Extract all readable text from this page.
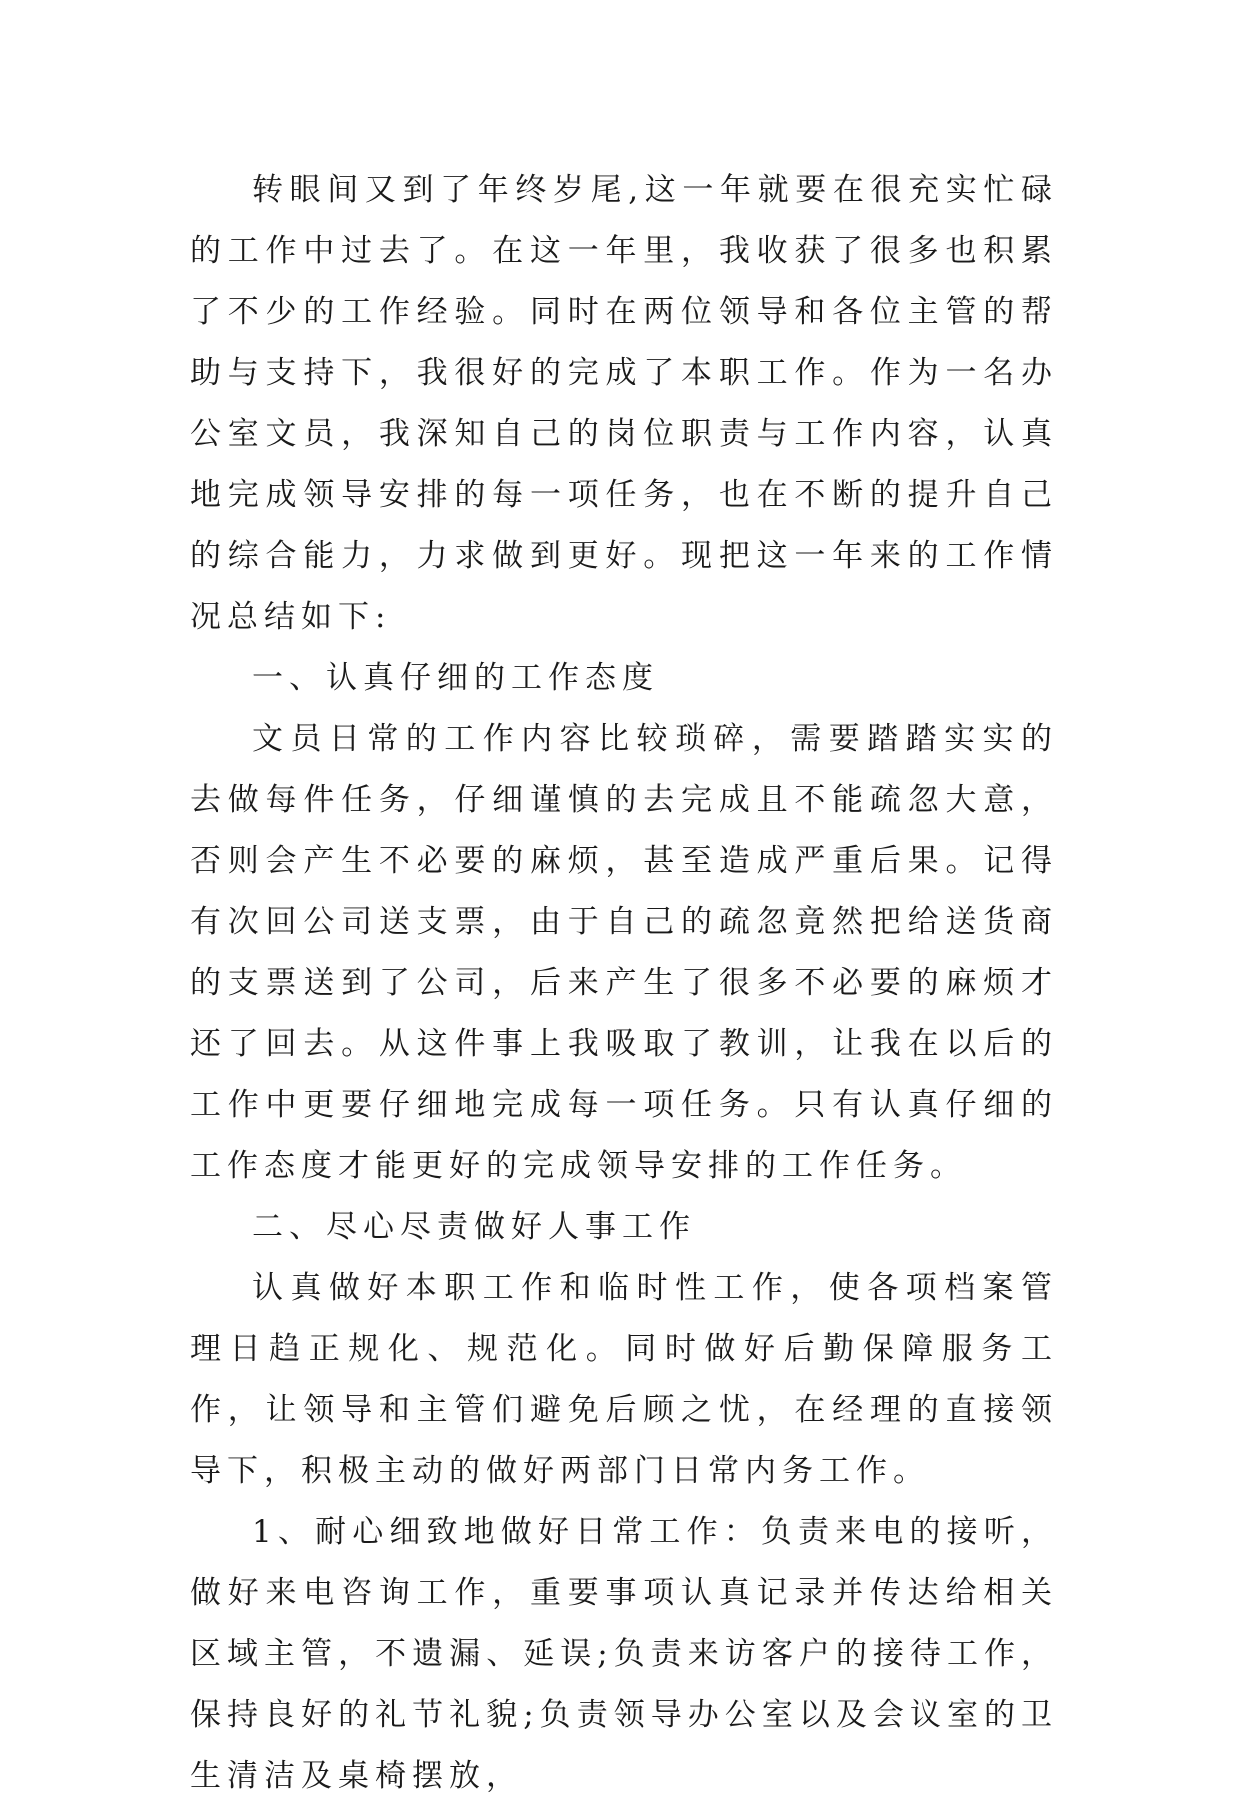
转眼间又到了年终岁尾,这一年就要在很充实忙碌的工作中过去了。在这一年里，我收获了很多也积累了不少的工作经验。同时在两位领导和各位主管的帮助与支持下，我很好的完成了本职工作。作为一名办公室文员，我深知自己的岗位职责与工作内容，认真地完成领导安排的每一项任务，也在不断的提升自己的综合能力，力求做到更好。现把这一年来的工作情况总结如下:

一、认真仔细的工作态度

文员日常的工作内容比较琐碎，需要踏踏实实的去做每件任务，仔细谨慎的去完成且不能疏忽大意，否则会产生不必要的麻烦，甚至造成严重后果。记得有次回公司送支票，由于自己的疏忽竟然把给送货商的支票送到了公司，后来产生了很多不必要的麻烦才还了回去。从这件事上我吸取了教训，让我在以后的工作中更要仔细地完成每一项任务。只有认真仔细的工作态度才能更好的完成领导安排的工作任务。

二、尽心尽责做好人事工作

认真做好本职工作和临时性工作，使各项档案管理日趋正规化、规范化。同时做好后勤保障服务工作，让领导和主管们避免后顾之忧，在经理的直接领导下，积极主动的做好两部门日常内务工作。

1、耐心细致地做好日常工作：负责来电的接听，做好来电咨询工作，重要事项认真记录并传达给相关区域主管，不遗漏、延误;负责来访客户的接待工作，保持良好的礼节礼貌;负责领导办公室以及会议室的卫生清洁及桌椅摆放，
